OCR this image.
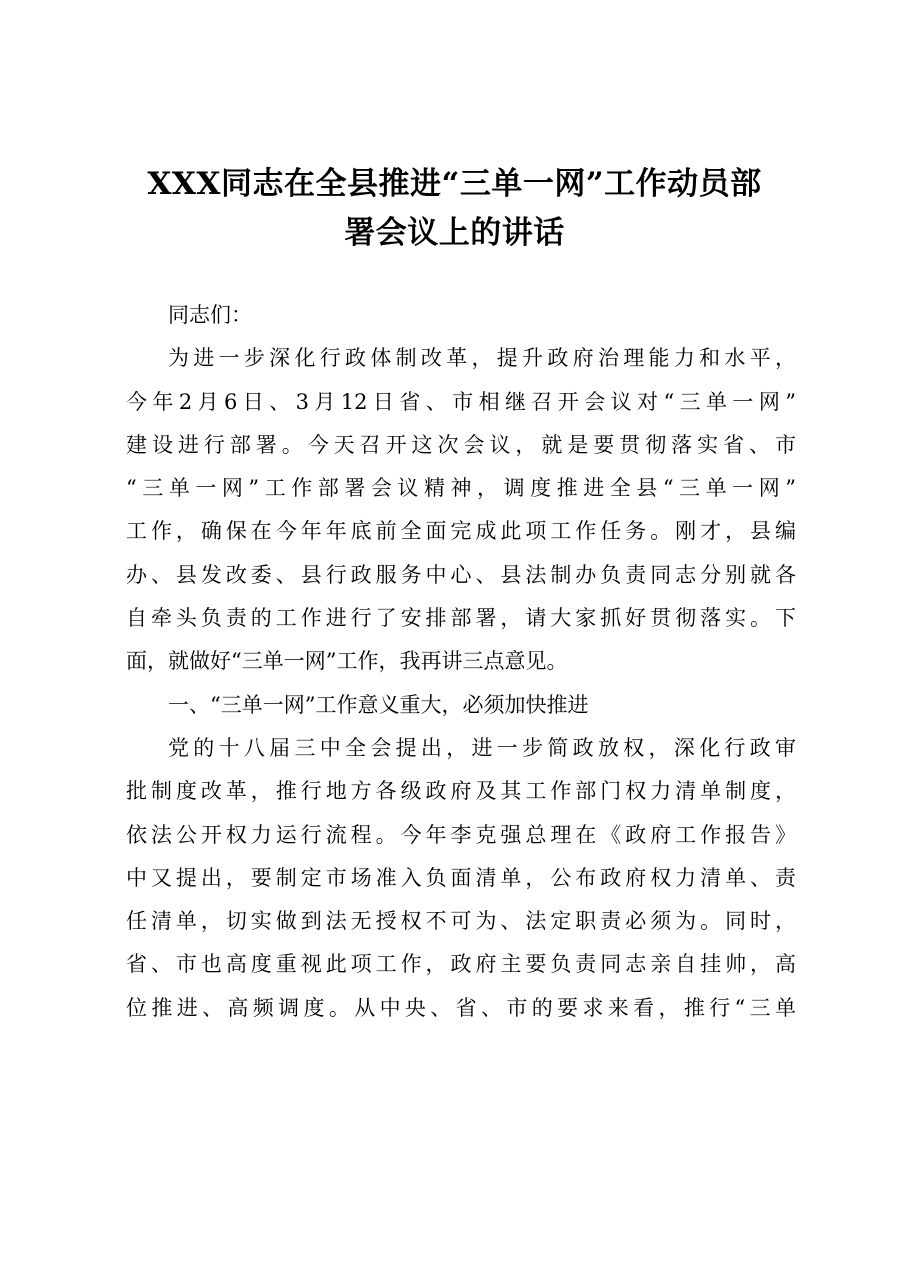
XXX同志在全县推进“三单一网”工作动员部
署会议上的讲话

同志们：

为进一步深化行政体制改革，提升政府治理能力和水平，
今年2月6日、3月12日省、市相继召开会议对“三单一网”
建设进行部署。今天召开这次会议，就是要贯彻落实省、市
“三单一网”工作部署会议精神，调度推进全县“三单一网”
工作，确保在今年年底前全面完成此项工作任务。刚才，县编
办、县发改委、县行政服务中心、县法制办负责同志分别就各
自牵头负责的工作进行了安排部署，请大家抓好贯彻落实。下
面，就做好“三单一网”工作，我再讲三点意见。

一、“三单一网”工作意义重大，必须加快推进

党的十八届三中全会提出，进一步简政放权，深化行政审
批制度改革，推行地方各级政府及其工作部门权力清单制度，
依法公开权力运行流程。今年李克强总理在《政府工作报告》
中又提出，要制定市场准入负面清单，公布政府权力清单、责
任清单，切实做到法无授权不可为、法定职责必须为。同时，
省、市也高度重视此项工作，政府主要负责同志亲自挂帅，高
位推进、高频调度。从中央、省、市的要求来看，推行“三单
